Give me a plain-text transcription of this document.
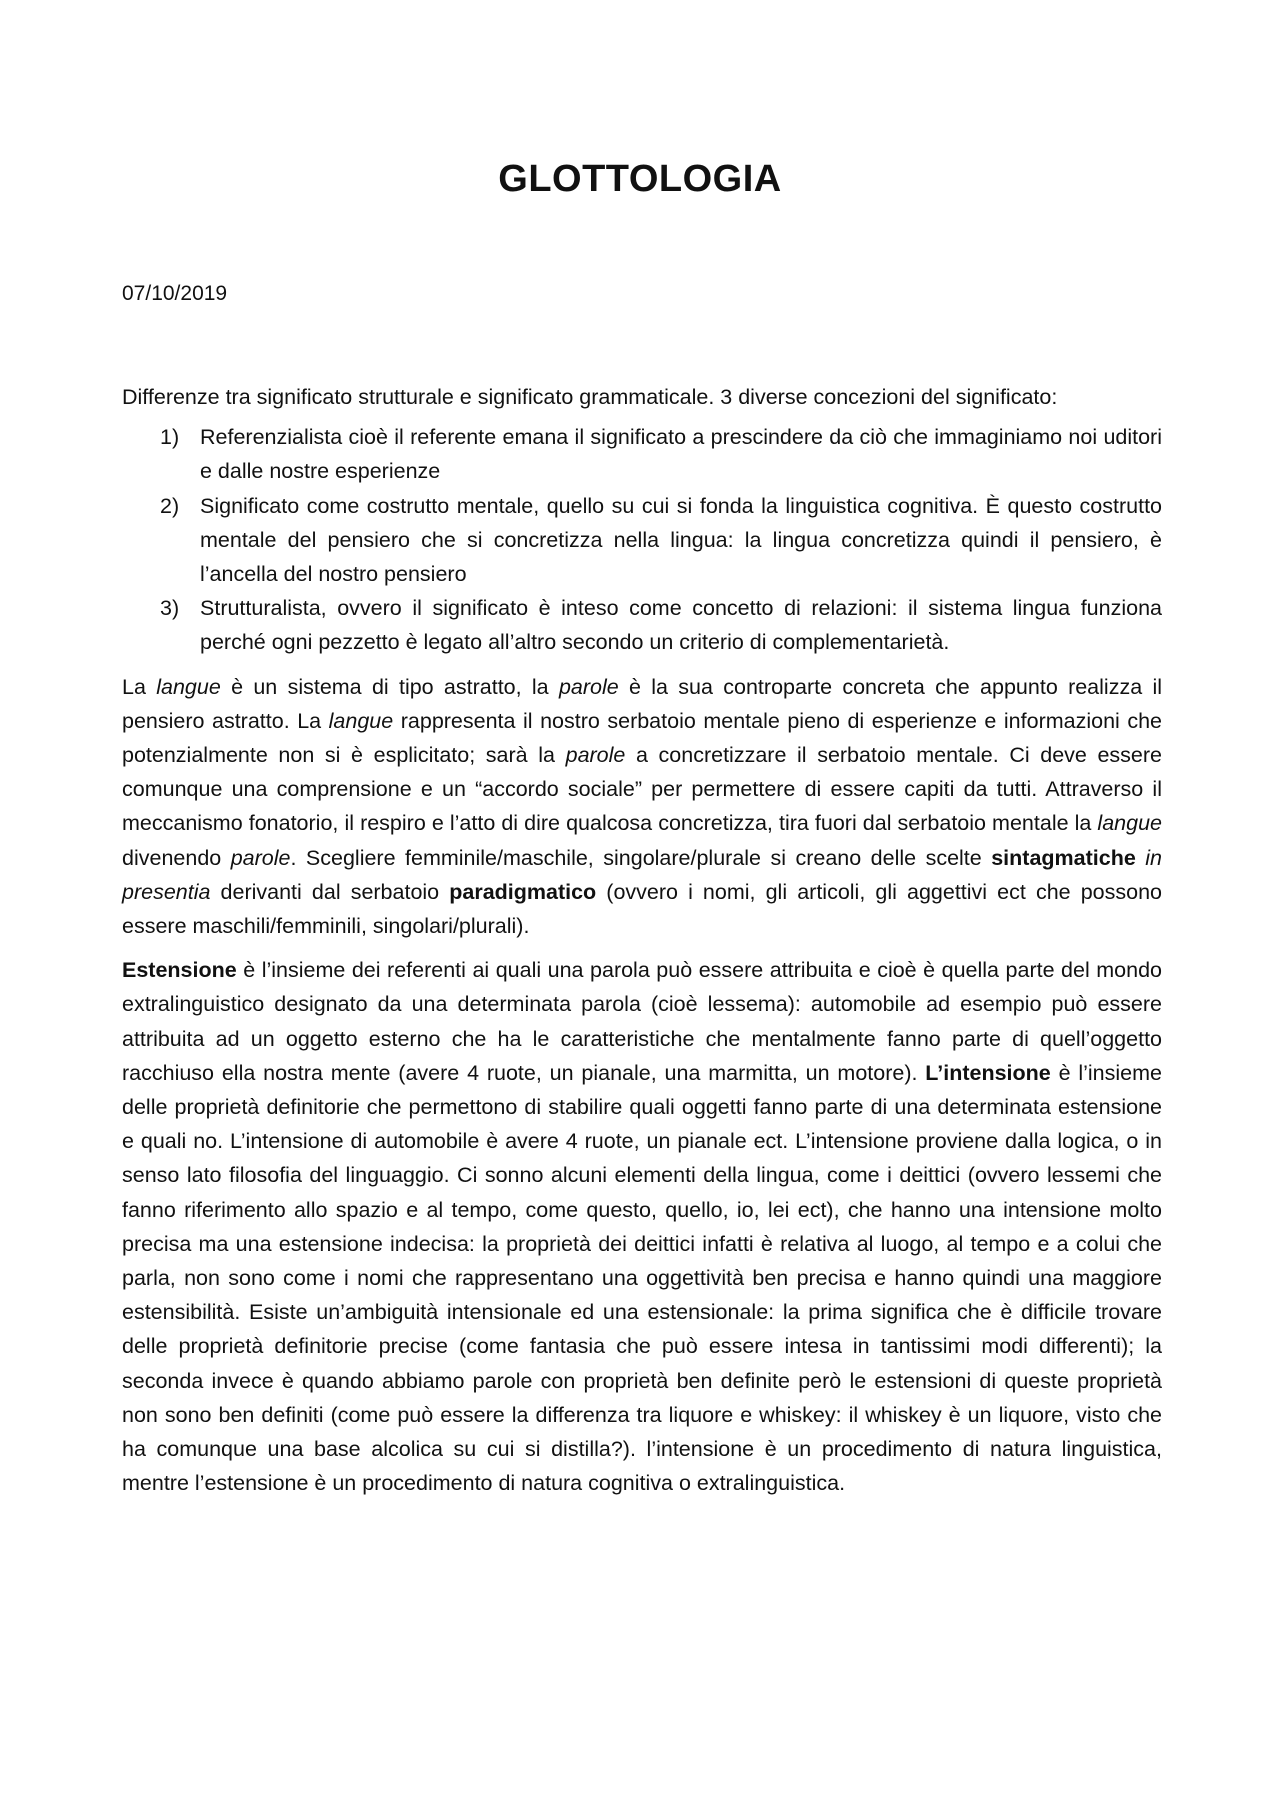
GLOTTOLOGIA
07/10/2019

Differenze tra significato strutturale e significato grammaticale. 3 diverse concezioni del significato:

1) Referenzialista cioè il referente emana il significato a prescindere da ciò che immaginiamo noi uditori e dalle nostre esperienze
2) Significato come costrutto mentale, quello su cui si fonda la linguistica cognitiva. È questo costrutto mentale del pensiero che si concretizza nella lingua: la lingua concretizza quindi il pensiero, è l’ancella del nostro pensiero
3) Strutturalista, ovvero il significato è inteso come concetto di relazioni: il sistema lingua funziona perché ogni pezzetto è legato all’altro secondo un criterio di complementarietà.

La langue è un sistema di tipo astratto, la parole è la sua controparte concreta che appunto realizza il pensiero astratto. La langue rappresenta il nostro serbatoio mentale pieno di esperienze e informazioni che potenzialmente non si è esplicitato; sarà la parole a concretizzare il serbatoio mentale. Ci deve essere comunque una comprensione e un “accordo sociale” per permettere di essere capiti da tutti. Attraverso il meccanismo fonatorio, il respiro e l’atto di dire qualcosa concretizza, tira fuori dal serbatoio mentale la langue divenendo parole. Scegliere femminile/maschile, singolare/plurale si creano delle scelte sintagmatiche in presentia derivanti dal serbatoio paradigmatico (ovvero i nomi, gli articoli, gli aggettivi ect che possono essere maschili/femminili, singolari/plurali).

Estensione è l’insieme dei referenti ai quali una parola può essere attribuita e cioè è quella parte del mondo extralinguistico designato da una determinata parola (cioè lessema): automobile ad esempio può essere attribuita ad un oggetto esterno che ha le caratteristiche che mentalmente fanno parte di quell’oggetto racchiuso ella nostra mente (avere 4 ruote, un pianale, una marmitta, un motore). L’intensione è l’insieme delle proprietà definitorie che permettono di stabilire quali oggetti fanno parte di una determinata estensione e quali no. L’intensione di automobile è avere 4 ruote, un pianale ect. L’intensione proviene dalla logica, o in senso lato filosofia del linguaggio. Ci sonno alcuni elementi della lingua, come i deittici (ovvero lessemi che fanno riferimento allo spazio e al tempo, come questo, quello, io, lei ect), che hanno una intensione molto precisa ma una estensione indecisa: la proprietà dei deittici infatti è relativa al luogo, al tempo e a colui che parla, non sono come i nomi che rappresentano una oggettività ben precisa e hanno quindi una maggiore estensibilità. Esiste un’ambiguità intensionale ed una estensionale: la prima significa che è difficile trovare delle proprietà definitorie precise (come fantasia che può essere intesa in tantissimi modi differenti); la seconda invece è quando abbiamo parole con proprietà ben definite però le estensioni di queste proprietà non sono ben definiti (come può essere la differenza tra liquore e whiskey: il whiskey è un liquore, visto che ha comunque una base alcolica su cui si distilla?). l’intensione è un procedimento di natura linguistica, mentre l’estensione è un procedimento di natura cognitiva o extralinguistica.
